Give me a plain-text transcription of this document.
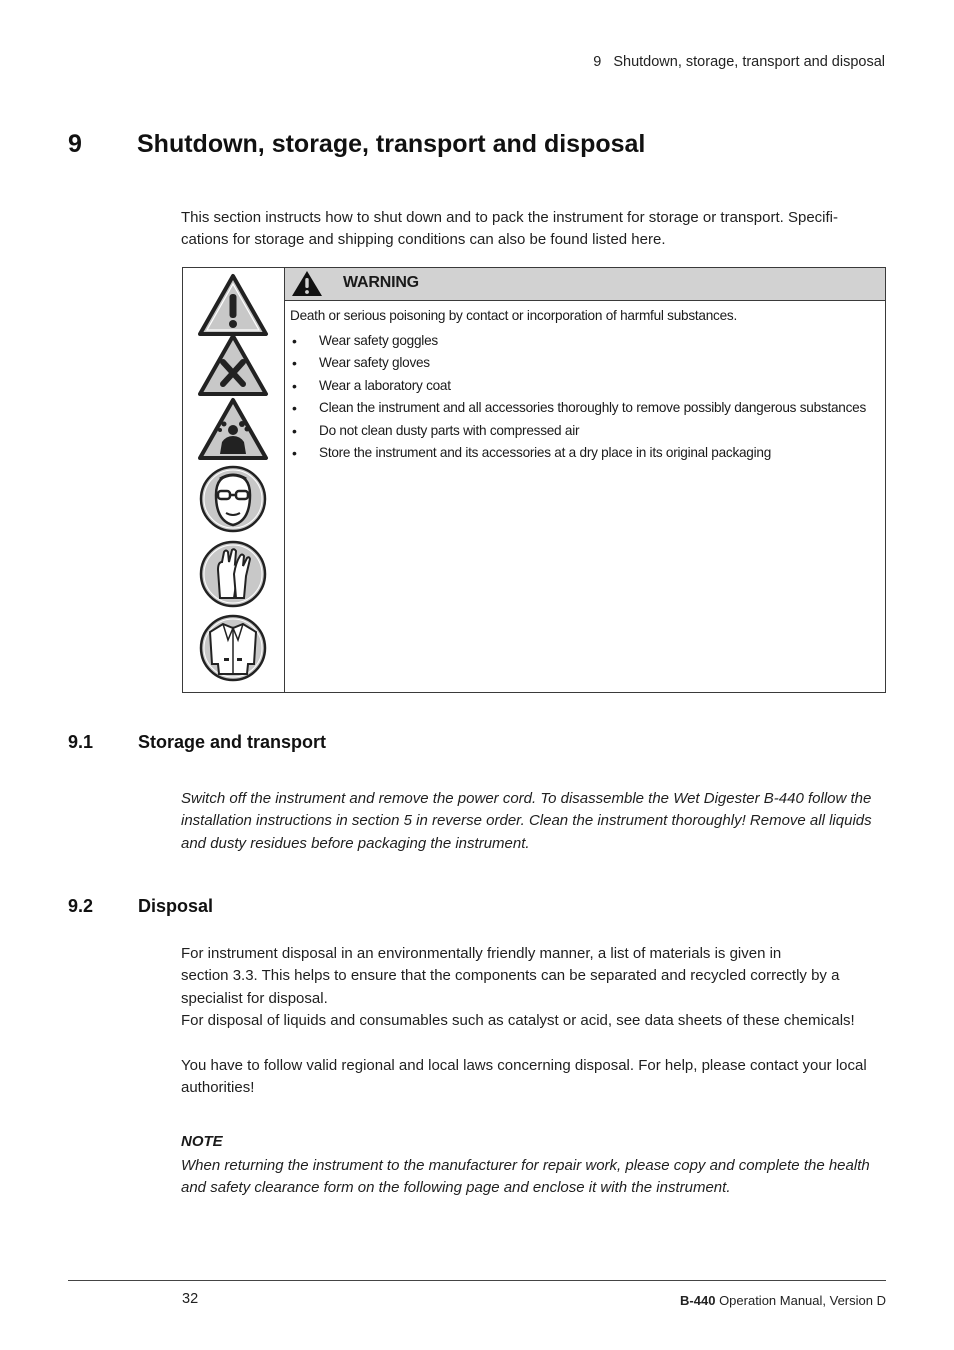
9 Shutdown, storage, transport and disposal
9 Shutdown, storage, transport and disposal
This section instructs how to shut down and to pack the instrument for storage or transport. Specifi-cations for storage and shipping conditions can also be found listed here.
WARNING
Death or serious poisoning by contact or incorporation of harmful substances.
• Wear safety goggles
• Wear safety gloves
• Wear a laboratory coat
• Clean the instrument and all accessories thoroughly to remove possibly dangerous substances
• Do not clean dusty parts with compressed air
• Store the instrument and its accessories at a dry place in its original packaging
9.1 Storage and transport
Switch off the instrument and remove the power cord. To disassemble the Wet Digester B-440 follow the installation instructions in section 5 in reverse order. Clean the instrument thoroughly! Remove all liquids and dusty residues before packaging the instrument.
9.2 Disposal
For instrument disposal in an environmentally friendly manner, a list of materials is given in
section 3.3. This helps to ensure that the components can be separated and recycled correctly by a specialist for disposal.
For disposal of liquids and consumables such as catalyst or acid, see data sheets of these chemicals!
You have to follow valid regional and local laws concerning disposal. For help, please contact your local authorities!
NOTE
When returning the instrument to the manufacturer for repair work, please copy and complete the health and safety clearance form on the following page and enclose it with the instrument.
32	B-440 Operation Manual, Version D
